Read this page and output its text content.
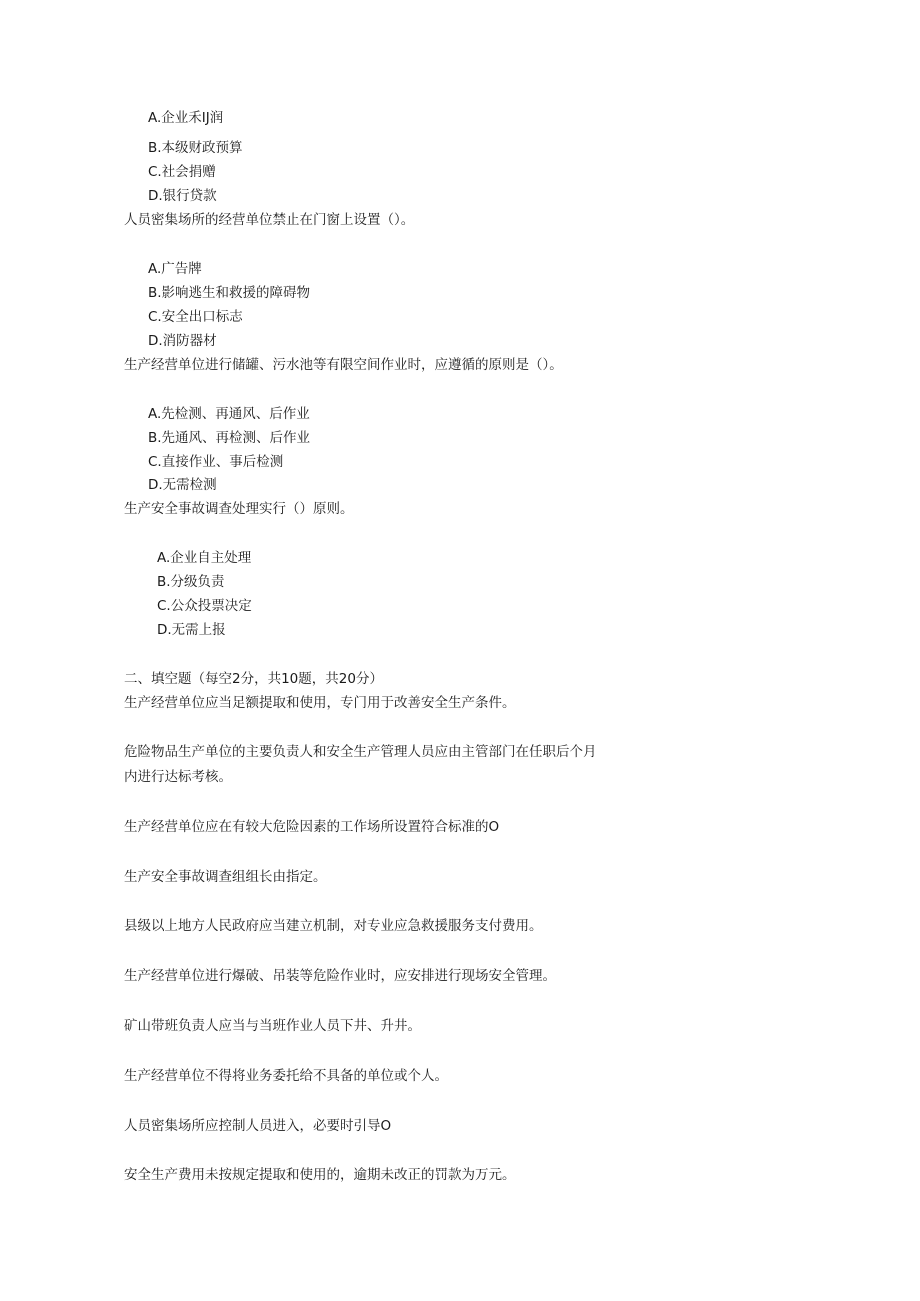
A.企业禾IJ润
B.本级财政预算
C.社会捐赠
D.银行贷款
人员密集场所的经营单位禁止在门窗上设置（）。
A.广告牌
B.影响逃生和救援的障碍物
C.安全出口标志
D.消防器材
生产经营单位进行储罐、污水池等有限空间作业时，应遵循的原则是（）。
A.先检测、再通风、后作业
B.先通风、再检测、后作业
C.直接作业、事后检测
D.无需检测
生产安全事故调查处理实行（）原则。
A.企业自主处理
B.分级负责
C.公众投票决定
D.无需上报
二、填空题（每空2分，共10题，共20分）
生产经营单位应当足额提取和使用，专门用于改善安全生产条件。
危险物品生产单位的主要负责人和安全生产管理人员应由主管部门在任职后个月
内进行达标考核。
生产经营单位应在有较大危险因素的工作场所设置符合标准的O
生产安全事故调查组组长由指定。
县级以上地方人民政府应当建立机制，对专业应急救援服务支付费用。
生产经营单位进行爆破、吊装等危险作业时，应安排进行现场安全管理。
矿山带班负责人应当与当班作业人员下井、升井。
生产经营单位不得将业务委托给不具备的单位或个人。
人员密集场所应控制人员进入，必要时引导O
安全生产费用未按规定提取和使用的，逾期未改正的罚款为万元。
